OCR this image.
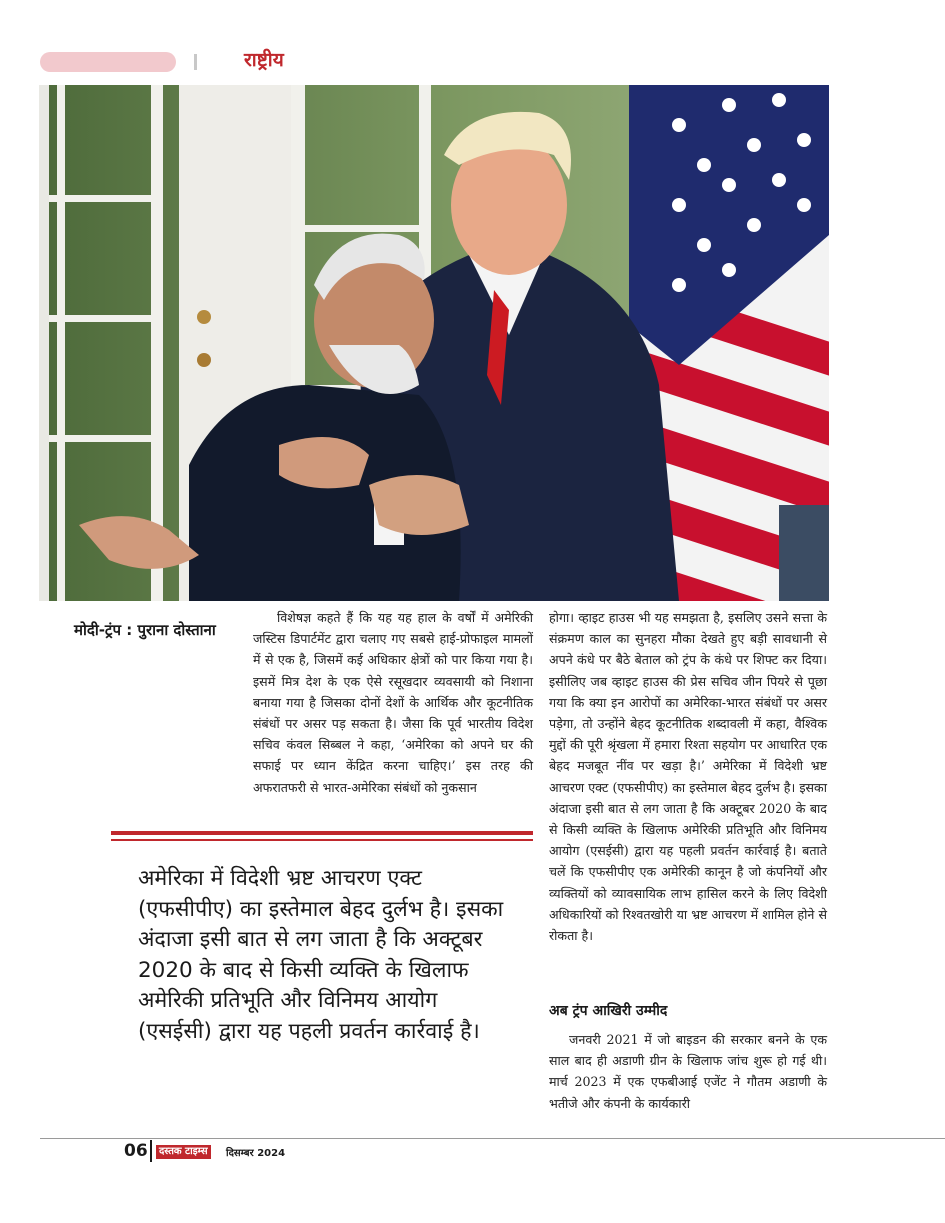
राष्ट्रीय
मोदी-ट्रंप : पुराना दोस्ताना

विशेषज्ञ कहते हैं कि यह यह हाल के वर्षों में अमेरिकी जस्टिस डिपार्टमेंट द्वारा चलाए गए सबसे हाई-प्रोफाइल मामलों में से एक है, जिसमें कई अधिकार क्षेत्रों को पार किया गया है। इसमें मित्र देश के एक ऐसे रसूखदार व्यवसायी को निशाना बनाया गया है जिसका दोनों देशों के आर्थिक और कूटनीतिक संबंधों पर असर पड़ सकता है। जैसा कि पूर्व भारतीय विदेश सचिव कंवल सिब्बल ने कहा, ‘अमेरिका को अपने घर की सफाई पर ध्यान केंद्रित करना चाहिए।’ इस तरह की अफरातफरी से भारत-अमेरिका संबंधों को नुकसान

होगा। व्हाइट हाउस भी यह समझता है, इसलिए उसने सत्ता के संक्रमण काल का सुनहरा मौका देखते हुए बड़ी सावधानी से अपने कंधे पर बैठे बेताल को ट्रंप के कंधे पर शिफ्ट कर दिया। इसीलिए जब व्हाइट हाउस की प्रेस सचिव जीन पियरे से पूछा गया कि क्या इन आरोपों का अमेरिका-भारत संबंधों पर असर पड़ेगा, तो उन्होंने बेहद कूटनीतिक शब्दावली में कहा, वैश्विक मुद्दों की पूरी श्रृंखला में हमारा रिश्ता सहयोग पर आधारित एक बेहद मजबूत नींव पर खड़ा है।’ अमेरिका में विदेशी भ्रष्ट आचरण एक्ट (एफसीपीए) का इस्तेमाल बेहद दुर्लभ है। इसका अंदाजा इसी बात से लग जाता है कि अक्टूबर 2020 के बाद से किसी व्यक्ति के खिलाफ अमेरिकी प्रतिभूति और विनिमय आयोग (एसईसी) द्वारा यह पहली प्रवर्तन कार्रवाई है। बताते चलें कि एफसीपीए एक अमेरिकी कानून है जो कंपनियों और व्यक्तियों को व्यावसायिक लाभ हासिल करने के लिए विदेशी अधिकारियों को रिश्वतखोरी या भ्रष्ट आचरण में शामिल होने से रोकता है।

अब ट्रंप आखिरी उम्मीद

जनवरी 2021 में जो बाइडन की सरकार बनने के एक साल बाद ही अडाणी ग्रीन के खिलाफ जांच शुरू हो गई थी। मार्च 2023 में एक एफबीआई एजेंट ने गौतम अडाणी के भतीजे और कंपनी के कार्यकारी

अमेरिका में विदेशी भ्रष्ट आचरण एक्ट (एफसीपीए) का इस्तेमाल बेहद दुर्लभ है। इसका अंदाजा इसी बात से लग जाता है कि अक्टूबर 2020 के बाद से किसी व्यक्ति के खिलाफ अमेरिकी प्रतिभूति और विनिमय आयोग (एसईसी) द्वारा यह पहली प्रवर्तन कार्रवाई है।
06	दस्तक टाइम्स	दिसम्बर 2024
